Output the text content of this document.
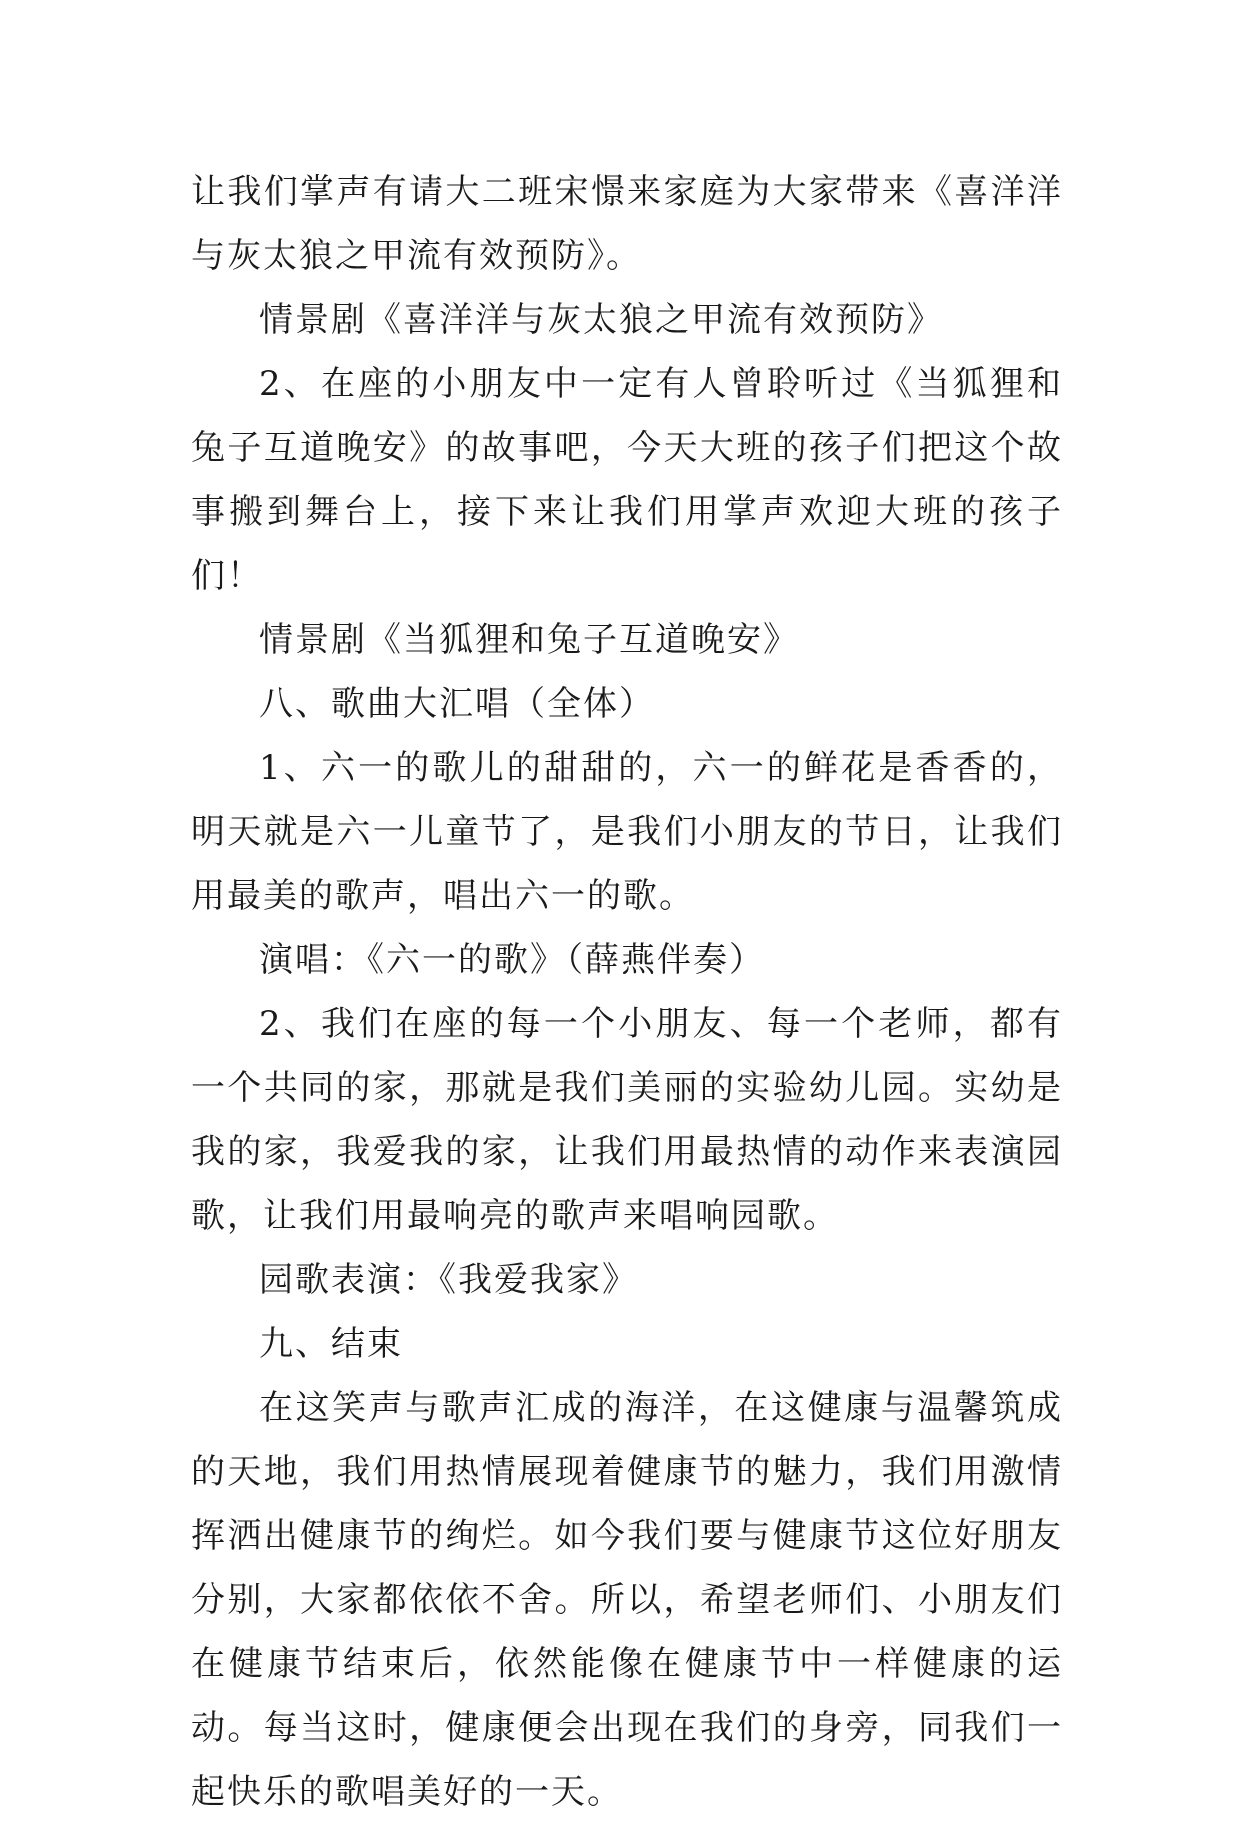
让我们掌声有请大二班宋憬来家庭为大家带来《喜洋洋与灰太狼之甲流有效预防》。

情景剧《喜洋洋与灰太狼之甲流有效预防》

2、在座的小朋友中一定有人曾聆听过《当狐狸和兔子互道晚安》的故事吧，今天大班的孩子们把这个故事搬到舞台上，接下来让我们用掌声欢迎大班的孩子们！

情景剧《当狐狸和兔子互道晚安》

八、歌曲大汇唱（全体）

1、六一的歌儿的甜甜的，六一的鲜花是香香的，明天就是六一儿童节了，是我们小朋友的节日，让我们用最美的歌声，唱出六一的歌。

演唱：《六一的歌》（薛燕伴奏）

2、我们在座的每一个小朋友、每一个老师，都有一个共同的家，那就是我们美丽的实验幼儿园。实幼是我的家，我爱我的家，让我们用最热情的动作来表演园歌，让我们用最响亮的歌声来唱响园歌。

园歌表演：《我爱我家》

九、结束

在这笑声与歌声汇成的海洋，在这健康与温馨筑成的天地，我们用热情展现着健康节的魅力，我们用激情挥洒出健康节的绚烂。如今我们要与健康节这位好朋友分别，大家都依依不舍。所以，希望老师们、小朋友们在健康节结束后，依然能像在健康节中一样健康的运动。每当这时，健康便会出现在我们的身旁，同我们一起快乐的歌唱美好的一天。
